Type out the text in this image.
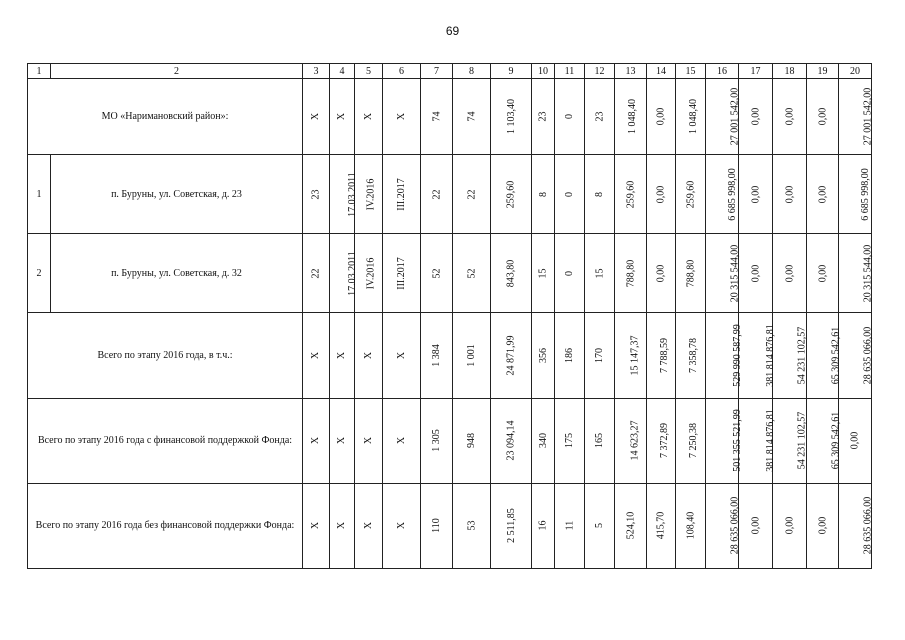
69
1	2	3	4	5	6	7	8	9	10	11	12	13	14	15	16	17	18	19	20
МО «Наримановский район»:		X	X	X	X	74	74	1 103,40	23	0	23	1 048,40	0,00	1 048,40	27 001 542,00	0,00	0,00	0,00	27 001 542,00
1	п. Буруны, ул. Советская, д. 23	23	17.03.2011	IV.2016	III.2017	22	22	259,60	8	0	8	259,60	0,00	259,60	6 685 998,00	0,00	0,00	0,00	6 685 998,00
2	п. Буруны, ул. Советская, д. 32	22	17.03.2011	IV.2016	III.2017	52	52	843,80	15	0	15	788,80	0,00	788,80	20 315 544,00	0,00	0,00	0,00	20 315 544,00
Всего по этапу 2016 года, в т.ч.:		X	X	X	X	1 384	1 001	24 871,99	356	186	170	15 147,37	7 788,59	7 358,78	529 990 587,99	381 814 876,81	54 231 102,57	65 309 542,61	28 635 066,00
Всего по этапу 2016 года с финансовой поддержкой Фонда:		X	X	X	X	1 305	948	23 094,14	340	175	165	14 623,27	7 372,89	7 250,38	501 355 521,99	381 814 876,81	54 231 102,57	65 309 542,61	0,00
Всего по этапу 2016 года без финансовой поддержки Фонда:		X	X	X	X	110	53	2 511,85	16	11	5	524,10	415,70	108,40	28 635 066,00	0,00	0,00	0,00	28 635 066,00
